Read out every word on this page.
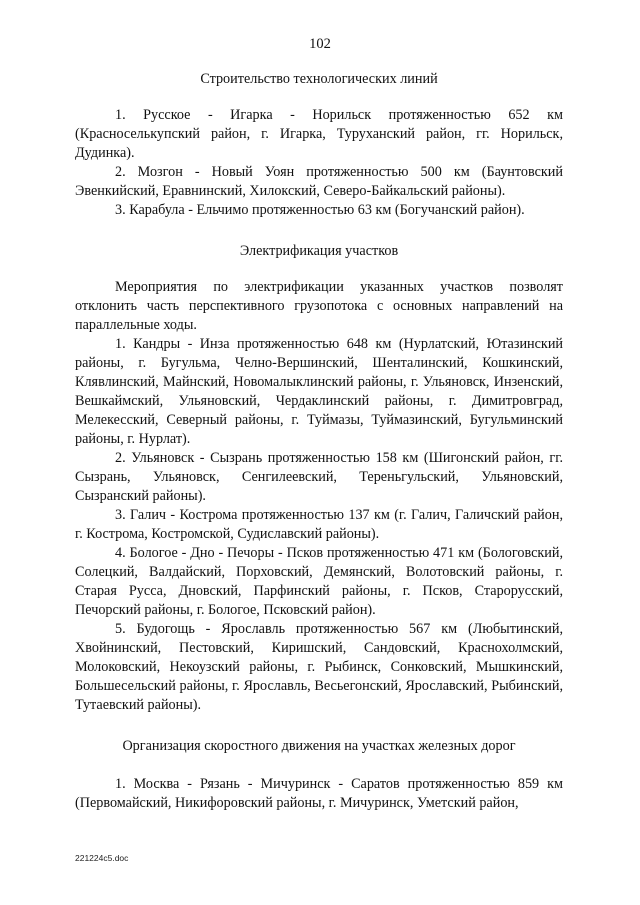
102

Строительство технологических линий

1. Русское - Игарка - Норильск протяженностью 652 км (Красноселькупский район, г. Игарка, Туруханский район, гг. Норильск, Дудинка).

2. Мозгон - Новый Уоян протяженностью 500 км (Баунтовский Эвенкийский, Еравнинский, Хилокский, Северо-Байкальский районы).

3. Карабула - Ельчимо протяженностью 63 км (Богучанский район).

Электрификация участков

Мероприятия по электрификации указанных участков позволят отклонить часть перспективного грузопотока с основных направлений на параллельные ходы.

1. Кандры - Инза протяженностью 648 км (Нурлатский, Ютазинский районы, г. Бугульма, Челно-Вершинский, Шенталинский, Кошкинский, Клявлинский, Майнский, Новомалыклинский районы, г. Ульяновск, Инзенский, Вешкаймский, Ульяновский, Чердаклинский районы, г. Димитровград, Мелекесский, Северный районы, г. Туймазы, Туймазинский, Бугульминский районы, г. Нурлат).

2. Ульяновск - Сызрань протяженностью 158 км (Шигонский район, гг. Сызрань, Ульяновск, Сенгилеевский, Тереньгульский, Ульяновский, Сызранский районы).

3. Галич - Кострома протяженностью 137 км (г. Галич, Галичский район, г. Кострома, Костромской, Судиславский районы).

4. Бологое - Дно - Печоры - Псков протяженностью 471 км (Бологовский, Солецкий, Валдайский, Порховский, Демянский, Волотовский районы, г. Старая Русса, Дновский, Парфинский районы, г. Псков, Старорусский, Печорский районы, г. Бологое, Псковский район).

5. Будогощь - Ярославль протяженностью 567 км (Любытинский, Хвойнинский, Пестовский, Киришский, Сандовский, Краснохолмский, Молоковский, Некоузский районы, г. Рыбинск, Сонковский, Мышкинский, Большесельский районы, г. Ярославль, Весьегонский, Ярославский, Рыбинский, Тутаевский районы).

Организация скоростного движения на участках железных дорог

1. Москва - Рязань - Мичуринск - Саратов протяженностью 859 км (Первомайский, Никифоровский районы, г. Мичуринск, Уметский район,

221224c5.doc
